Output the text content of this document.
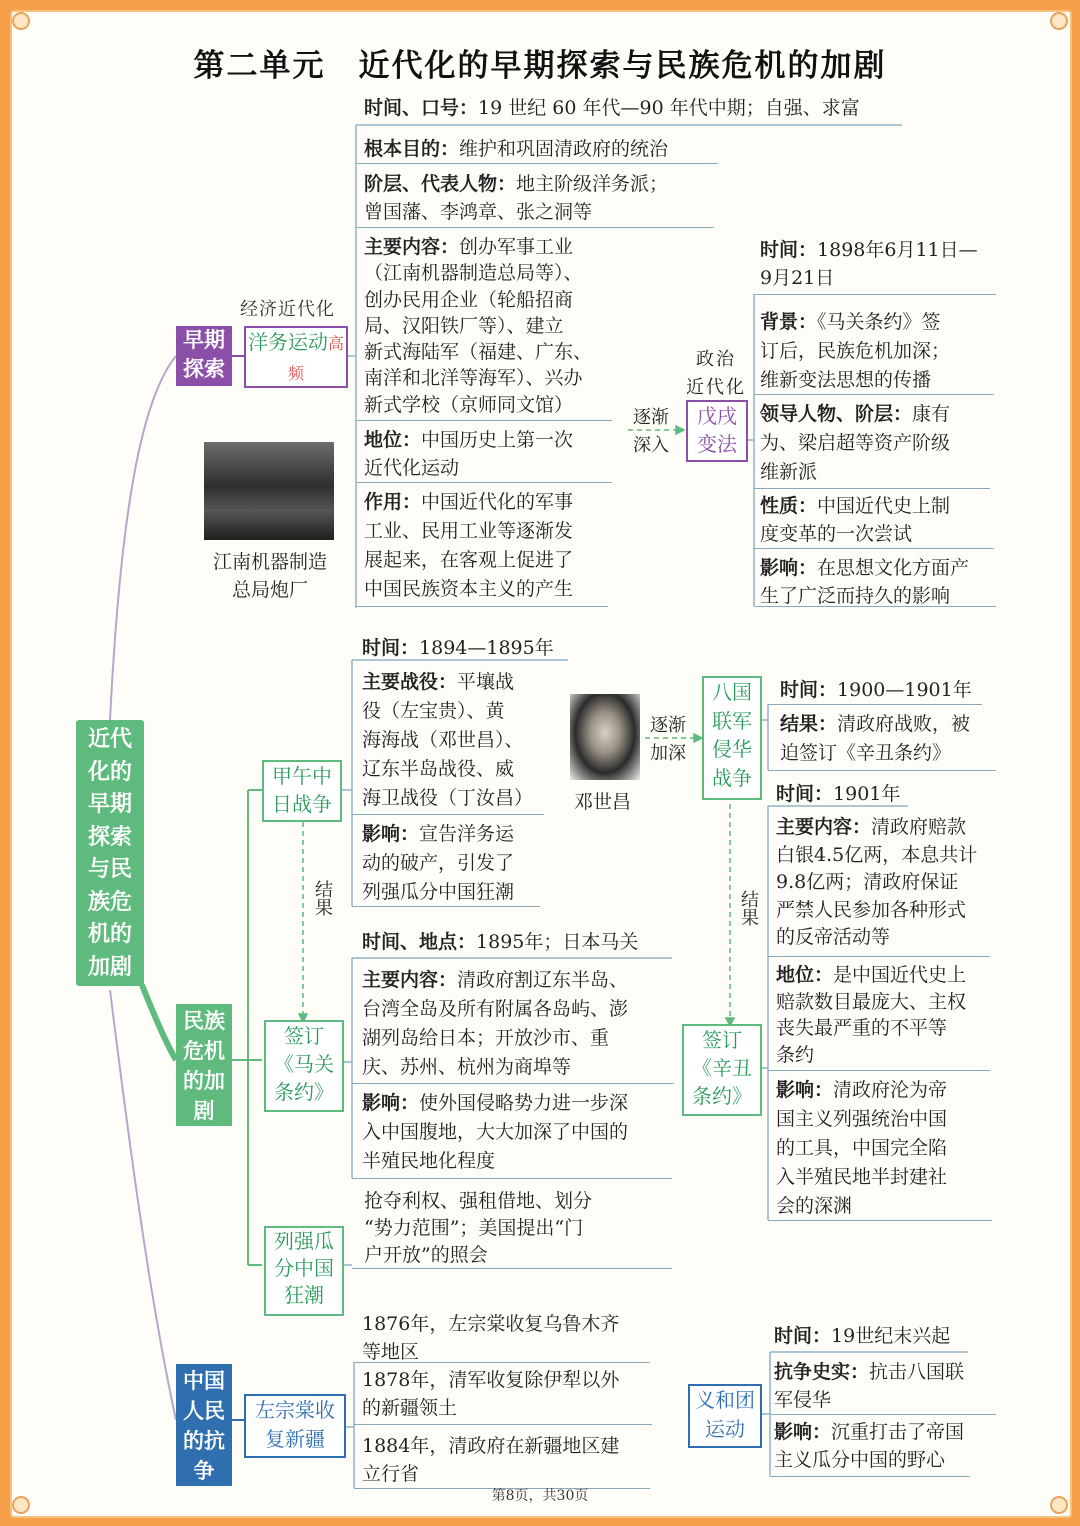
第二单元　近代化的早期探索与民族危机的加剧
近代化的早期探索与民族危机的加剧
早期探索
民族危机的加剧
中国人民的抗争
经济近代化
洋务运动高频
时间、口号：19 世纪 60 年代—90 年代中期；自强、求富
根本目的：维护和巩固清政府的统治
阶层、代表人物：地主阶级洋务派；
曾国藩、李鸿章、张之洞等
主要内容：创办军事工业
（江南机器制造总局等）、
创办民用企业（轮船招商
局、汉阳铁厂等）、建立
新式海陆军（福建、广东、
南洋和北洋等海军）、兴办
新式学校（京师同文馆）
地位：中国历史上第一次
近代化运动
作用：中国近代化的军事
工业、民用工业等逐渐发
展起来，在客观上促进了
中国民族资本主义的产生
江南机器制造
总局炮厂
政治
近代化
逐渐
深入
戊戌
变法
时间：1898年6月11日—
9月21日
背景：《马关条约》签
订后，民族危机加深；
维新变法思想的传播
领导人物、阶层：康有
为、梁启超等资产阶级
维新派
性质：中国近代史上制
度变革的一次尝试
影响：在思想文化方面产
生了广泛而持久的影响
甲午中
日战争
结果
时间：1894—1895年
主要战役：平壤战
役（左宝贵）、黄
海海战（邓世昌）、
辽东半岛战役、威
海卫战役（丁汝昌）
影响：宣告洋务运
动的破产，引发了
列强瓜分中国狂潮
邓世昌
签订
《马关
条约》
时间、地点：1895年；日本马关
主要内容：清政府割辽东半岛、
台湾全岛及所有附属各岛屿、澎
湖列岛给日本；开放沙市、重
庆、苏州、杭州为商埠等
影响：使外国侵略势力进一步深
入中国腹地，大大加深了中国的
半殖民地化程度
列强瓜
分中国
狂潮
抢夺利权、强租借地、划分
“势力范围”；美国提出“门
户开放”的照会
逐渐
加深
八国
联军
侵华
战争
时间：1900—1901年
结果：清政府战败，被
迫签订《辛丑条约》
结果
签订
《辛丑
条约》
时间：1901年
主要内容：清政府赔款
白银4.5亿两，本息共计
9.8亿两；清政府保证
严禁人民参加各种形式
的反帝活动等
地位：是中国近代史上
赔款数目最庞大、主权
丧失最严重的不平等
条约
影响：清政府沦为帝
国主义列强统治中国
的工具，中国完全陷
入半殖民地半封建社
会的深渊
左宗棠收
复新疆
1876年，左宗棠收复乌鲁木齐
等地区
1878年，清军收复除伊犁以外
的新疆领土
1884年，清政府在新疆地区建
立行省
义和团
运动
时间：19世纪末兴起
抗争史实：抗击八国联
军侵华
影响：沉重打击了帝国
主义瓜分中国的野心
第8页，共30页
